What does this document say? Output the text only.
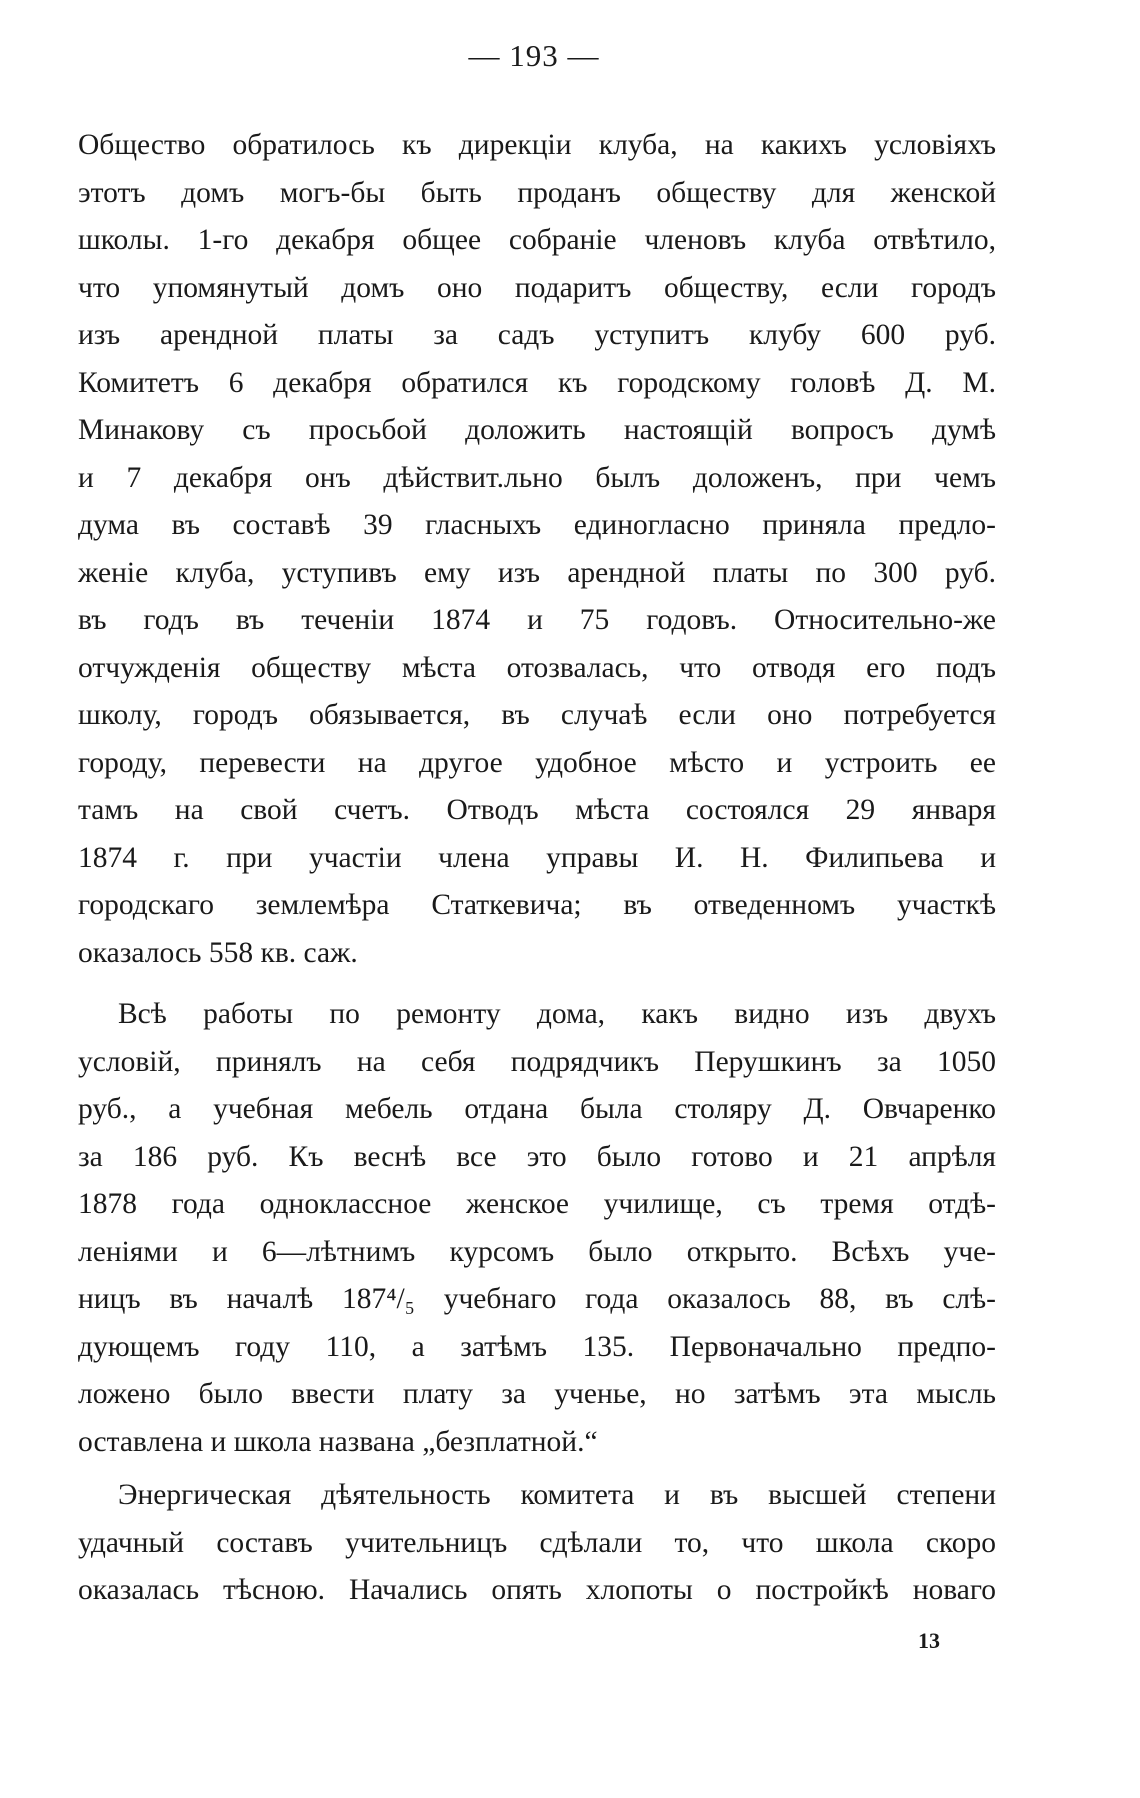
— 193 —
Общество обратилось къ дирекціи клуба, на какихъ условіяхъ
этотъ домъ могъ-бы быть проданъ обществу для женской
школы. 1-го декабря общее собраніе членовъ клуба отвѣтило,
что упомянутый домъ оно подаритъ обществу, если городъ
изъ арендной платы за садъ уступитъ клубу 600 руб.
Комитетъ 6 декабря обратился къ городскому головѣ Д. М.
Минакову съ просьбой доложить настоящій вопросъ думѣ
и 7 декабря онъ дѣйствит.льно былъ доложенъ, при чемъ
дума въ составѣ 39 гласныхъ единогласно приняла предло-
женіе клуба, уступивъ ему изъ арендной платы по 300 руб.
въ годъ въ теченіи 1874 и 75 годовъ. Относительно-же
отчужденія обществу мѣста отозвалась, что отводя его подъ
школу, городъ обязывается, въ случаѣ если оно потребуется
городу, перевести на другое удобное мѣсто и устроить ее
тамъ на свой счетъ. Отводъ мѣста состоялся 29 января
1874 г. при участіи члена управы И. Н. Филипьева и
городскаго землемѣра Статкевича; въ отведенномъ участкѣ
оказалось 558 кв. саж.
Всѣ работы по ремонту дома, какъ видно изъ двухъ
условій, принялъ на себя подрядчикъ Перушкинъ за 1050
руб., а учебная мебель отдана была столяру Д. Овчаренко
за 186 руб. Къ веснѣ все это было готово и 21 апрѣля
1878 года одноклассное женское училище, съ тремя отдѣ-
леніями и 6—лѣтнимъ курсомъ было открыто. Всѣхъ уче-
ницъ въ началѣ 187⁴/₅ учебнаго года оказалось 88, въ слѣ-
дующемъ году 110, а затѣмъ 135. Первоначально предпо-
ложено было ввести плату за ученье, но затѣмъ эта мысль
оставлена и школа названа „безплатной.“
Энергическая дѣятельность комитета и въ высшей степени
удачный составъ учительницъ сдѣлали то, что школа скоро
оказалась тѣсною. Начались опять хлопоты о постройкѣ новаго
13
